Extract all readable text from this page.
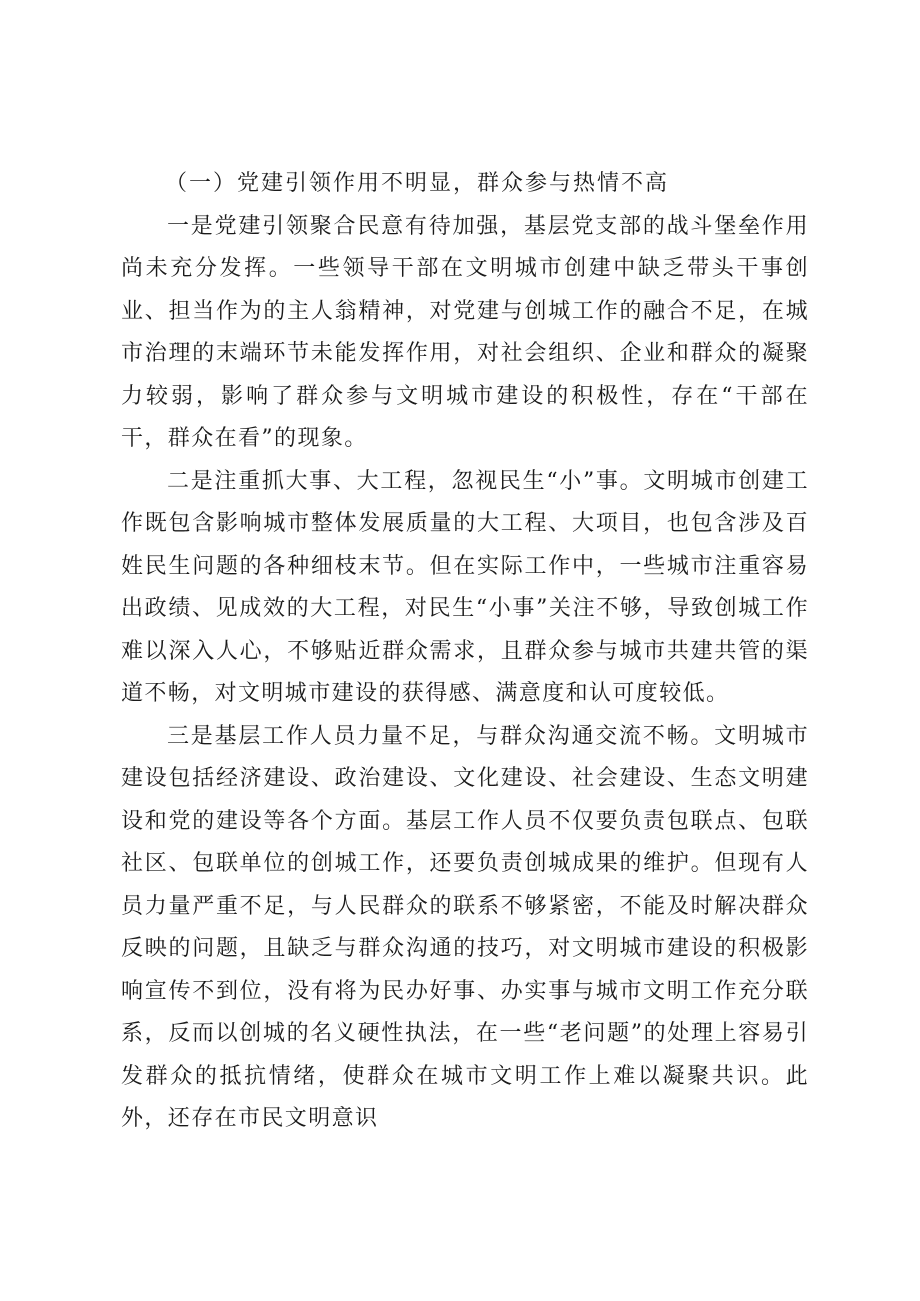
（一）党建引领作用不明显，群众参与热情不高

一是党建引领聚合民意有待加强，基层党支部的战斗堡垒作用尚未充分发挥。一些领导干部在文明城市创建中缺乏带头干事创业、担当作为的主人翁精神，对党建与创城工作的融合不足，在城市治理的末端环节未能发挥作用，对社会组织、企业和群众的凝聚力较弱，影响了群众参与文明城市建设的积极性，存在“干部在干，群众在看”的现象。

二是注重抓大事、大工程，忽视民生“小”事。文明城市创建工作既包含影响城市整体发展质量的大工程、大项目，也包含涉及百姓民生问题的各种细枝末节。但在实际工作中，一些城市注重容易出政绩、见成效的大工程，对民生“小事”关注不够，导致创城工作难以深入人心，不够贴近群众需求，且群众参与城市共建共管的渠道不畅，对文明城市建设的获得感、满意度和认可度较低。

三是基层工作人员力量不足，与群众沟通交流不畅。文明城市建设包括经济建设、政治建设、文化建设、社会建设、生态文明建设和党的建设等各个方面。基层工作人员不仅要负责包联点、包联社区、包联单位的创城工作，还要负责创城成果的维护。但现有人员力量严重不足，与人民群众的联系不够紧密，不能及时解决群众反映的问题，且缺乏与群众沟通的技巧，对文明城市建设的积极影响宣传不到位，没有将为民办好事、办实事与城市文明工作充分联系，反而以创城的名义硬性执法，在一些“老问题”的处理上容易引发群众的抵抗情绪，使群众在城市文明工作上难以凝聚共识。此外，还存在市民文明意识
